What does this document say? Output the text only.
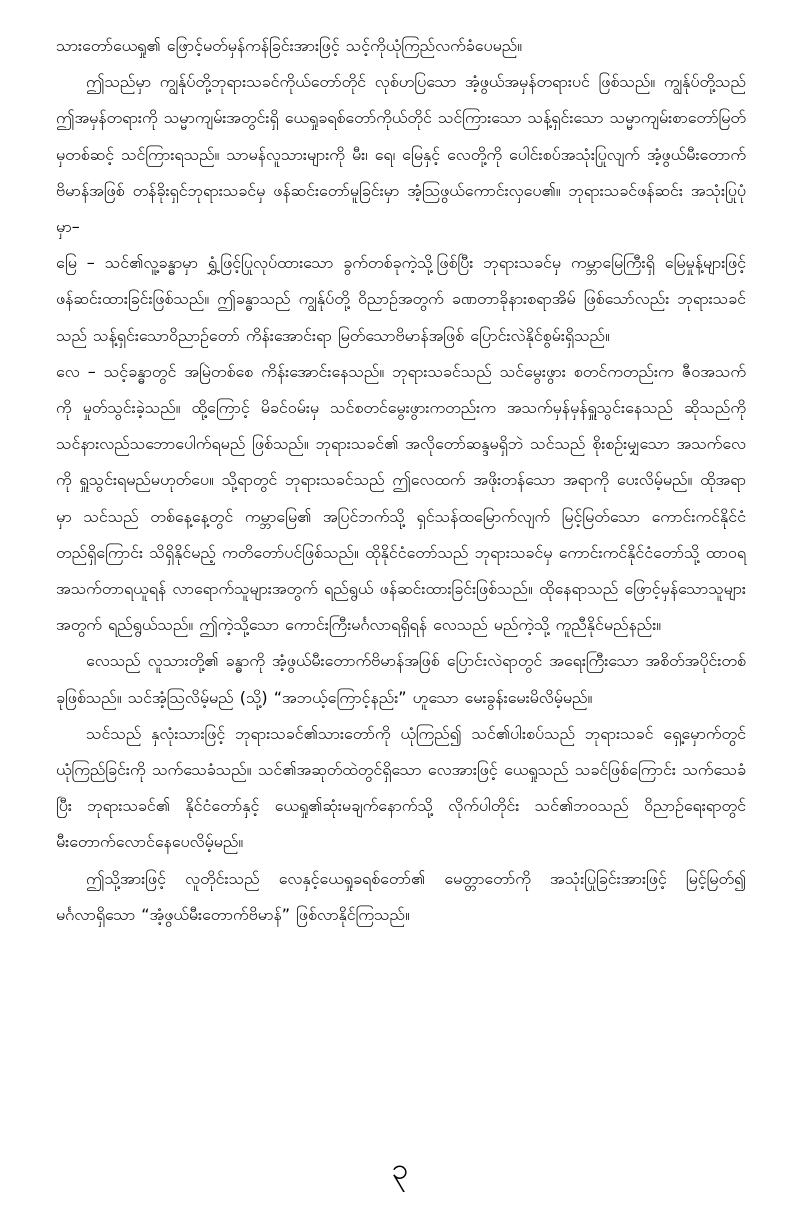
သားတော်ယေရှု၏ ဖြောင့်မတ်မှန်ကန်ခြင်းအားဖြင့် သင့်ကိုယုံကြည်လက်ခံပေမည်။

ဤသည်မှာ ကျွန်ုပ်တို့ဘုရားသခင်ကိုယ်တော်တိုင် လုစ်ဟပြသော အံ့ဖွယ်အမှန်တရားပင် ဖြစ်သည်။ ကျွန်ုပ်တို့သည် ဤအမှန်တရားကို သမ္မာကျမ်းအတွင်းရှိ ယေရှုခရစ်တော်ကိုယ်တိုင် သင်ကြားသော သန့်ရှင်းသော သမ္မာကျမ်းစာတော်မြတ်မှတစ်ဆင့် သင်ကြားရသည်။ သာမန်လူသားများကို မီး၊ ရေ၊ မြေနှင့် လေတို့ကို ပေါင်းစပ်အသုံးပြုလျက် အံ့ဖွယ်မီးတောက်ဗိမာန်အဖြစ် တန်ခိုးရှင်ဘုရားသခင်မှ ဖန်ဆင်းတော်မူခြင်းမှာ အံ့သြဖွယ်ကောင်းလှပေ၏။ ဘုရားသခင်ဖန်ဆင်း အသုံးပြုပုံမှာ–

မြေ – သင်၏လူ့ခန္ဓာမှာ ရွှံ့ဖြင့်ပြုလုပ်ထားသော ခွက်တစ်ခုကဲ့သို့ဖြစ်ပြီး ဘုရားသခင်မှ ကမ္ဘာမြေကြီးရှိ မြေမှုန့်များဖြင့် ဖန်ဆင်းထားခြင်းဖြစ်သည်။ ဤခန္ဓာသည် ကျွန်ုပ်တို့ ဝိညာဉ်အတွက် ခဏတာခိုနားစရာအိမ် ဖြစ်သော်လည်း ဘုရားသခင်သည် သန့်ရှင်းသောဝိညာဉ်တော် ကိန်းအောင်းရာ မြတ်သောဗိမာန်အဖြစ် ပြောင်းလဲနိုင်စွမ်းရှိသည်။

လေ – သင့်ခန္ဓာတွင် အမြဲတစ်စေ ကိန်းအောင်းနေသည်။ ဘုရားသခင်သည် သင်မွေးဖွား စတင်ကတည်းက ဇီဝအသက်ကို မှုတ်သွင်းခဲ့သည်။ ထို့ကြောင့် မိခင်ဝမ်းမှ သင်စတင်မွေးဖွားကတည်းက အသက်မှန်မှန်ရှူသွင်းနေသည် ဆိုသည်ကို သင်နားလည်သဘောပေါက်ရမည် ဖြစ်သည်။ ဘုရားသခင်၏ အလိုတော်ဆန္ဒမရှိဘဲ သင်သည် စိုးစဉ်းမျှသော အသက်လေကို ရှူသွင်းရမည်မဟုတ်ပေ။ သို့ရာတွင် ဘုရားသခင်သည် ဤလေထက် အဖိုးတန်သော အရာကို ပေးလိမ့်မည်။ ထိုအရာမှာ သင်သည် တစ်နေ့နေ့တွင် ကမ္ဘာမြေ၏ အပြင်ဘက်သို့ ရှင်သန်ထမြောက်လျက် မြင့်မြတ်သော ကောင်းကင်နိုင်ငံတည်ရှိကြောင်း သိရှိနိုင်မည့် ကတိတော်ပင်ဖြစ်သည်။ ထိုနိုင်ငံတော်သည် ဘုရားသခင်မှ ကောင်းကင်နိုင်ငံတော်သို့ ထာဝရအသက်တာရယူရန် လာရောက်သူများအတွက် ရည်ရွယ် ဖန်ဆင်းထားခြင်းဖြစ်သည်။ ထိုနေရာသည် ဖြောင့်မှန်သောသူများအတွက် ရည်ရွယ်သည်။ ဤကဲ့သို့သော ကောင်းကြီးမင်္ဂလာရရှိရန် လေသည် မည်ကဲ့သို့ ကူညီနိုင်မည်နည်း။

လေသည် လူသားတို့၏ ခန္ဓာကို အံ့ဖွယ်မီးတောက်ဗိမာန်အဖြစ် ပြောင်းလဲရာတွင် အရေးကြီးသော အစိတ်အပိုင်းတစ်ခုဖြစ်သည်။ သင်အံ့သြလိမ့်မည် (သို့) “အဘယ့်ကြောင့်နည်း” ဟူသော မေးခွန်းမေးမိလိမ့်မည်။

သင်သည် နှလုံးသားဖြင့် ဘုရားသခင်၏သားတော်ကို ယုံကြည်၍ သင်၏ပါးစပ်သည် ဘုရားသခင် ရှေ့မှောက်တွင် ယုံကြည်ခြင်းကို သက်သေခံသည်။ သင်၏အဆုတ်ထဲတွင်ရှိသော လေအားဖြင့် ယေရှုသည် သခင်ဖြစ်ကြောင်း သက်သေခံပြီး ဘုရားသခင်၏ နိုင်ငံတော်နှင့် ယေရှု၏ဆုံးမချက်နောက်သို့ လိုက်ပါတိုင်း သင်၏ဘဝသည် ဝိညာဉ်ရေးရာတွင် မီးတောက်လောင်နေပေလိမ့်မည်။

ဤသို့အားဖြင့် လူတိုင်းသည် လေနှင့်ယေရှုခရစ်တော်၏ မေတ္တာတော်ကို အသုံးပြုခြင်းအားဖြင့် မြင့်မြတ်၍ မင်္ဂလာရှိသော “အံ့ဖွယ်မီးတောက်ဗိမာန်” ဖြစ်လာနိုင်ကြသည်။

၃
